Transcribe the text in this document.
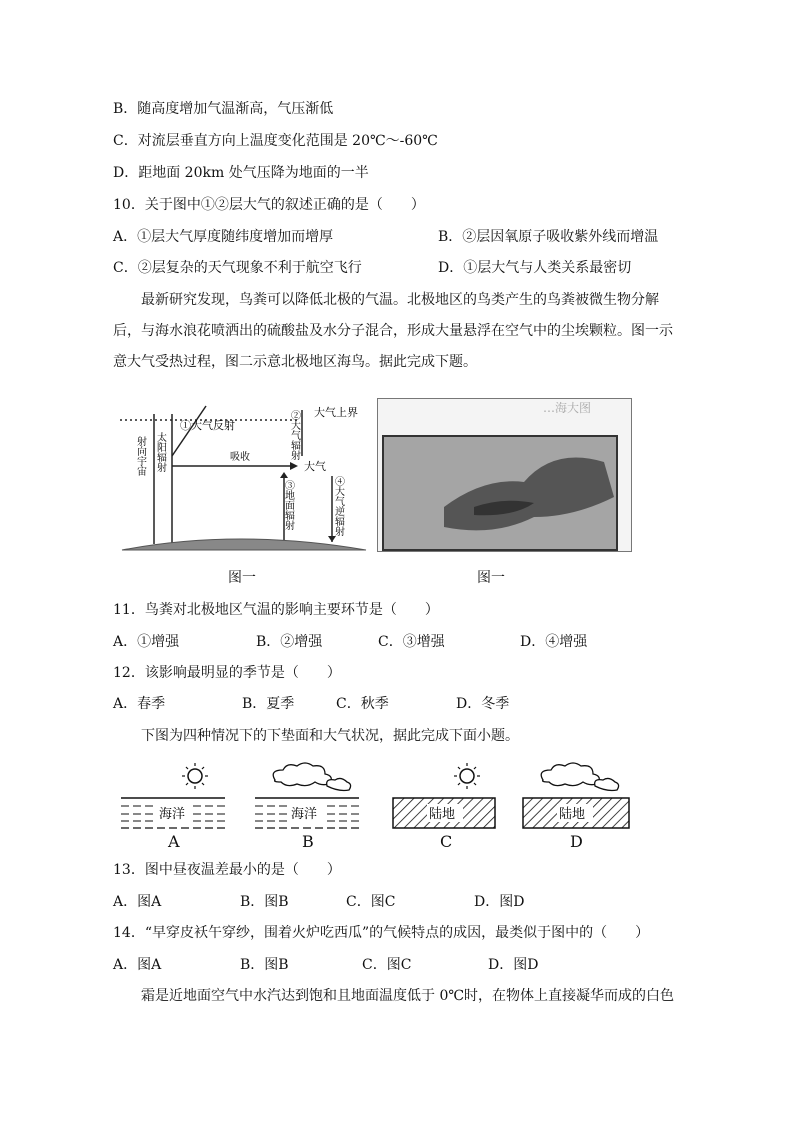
B．随高度增加气温渐高，气压渐低
C．对流层垂直方向上温度变化范围是 20℃～-60℃
D．距地面 20km 处气压降为地面的一半
10．关于图中①②层大气的叙述正确的是（　　）
A．①层大气厚度随纬度增加而增厚	B．②层因氧原子吸收紫外线而增温
C．②层复杂的天气现象不利于航空飞行	D．①层大气与人类关系最密切
最新研究发现，鸟粪可以降低北极的气温。北极地区的鸟类产生的鸟粪被微生物分解
后，与海水浪花喷洒出的硫酸盐及水分子混合，形成大量悬浮在空气中的尘埃颗粒。图一示
意大气受热过程，图二示意北极地区海鸟。据此完成下题。
大气上界
①大气反射
射向宇宙 太阳辐射	吸收
大气
②大气辐射
③地面辐射	④大气逆辐射
…海大图
图一	图一
11．鸟粪对北极地区气温的影响主要环节是（　　）
A．①增强	B．②增强	C．③增强	D．④增强
12．该影响最明显的季节是（　　）
A．春季	B．夏季	C．秋季	D．冬季
下图为四种情况下的下垫面和大气状况，据此完成下面小题。
海洋	海洋	陆地	陆地
A	B	C	D
13．图中昼夜温差最小的是（　　）
A．图A	B．图B	C．图C	D．图D
14．“早穿皮袄午穿纱，围着火炉吃西瓜”的气候特点的成因，最类似于图中的（　　）
A．图A	B．图B	C．图C	D．图D
霜是近地面空气中水汽达到饱和且地面温度低于 0℃时，在物体上直接凝华而成的白色
